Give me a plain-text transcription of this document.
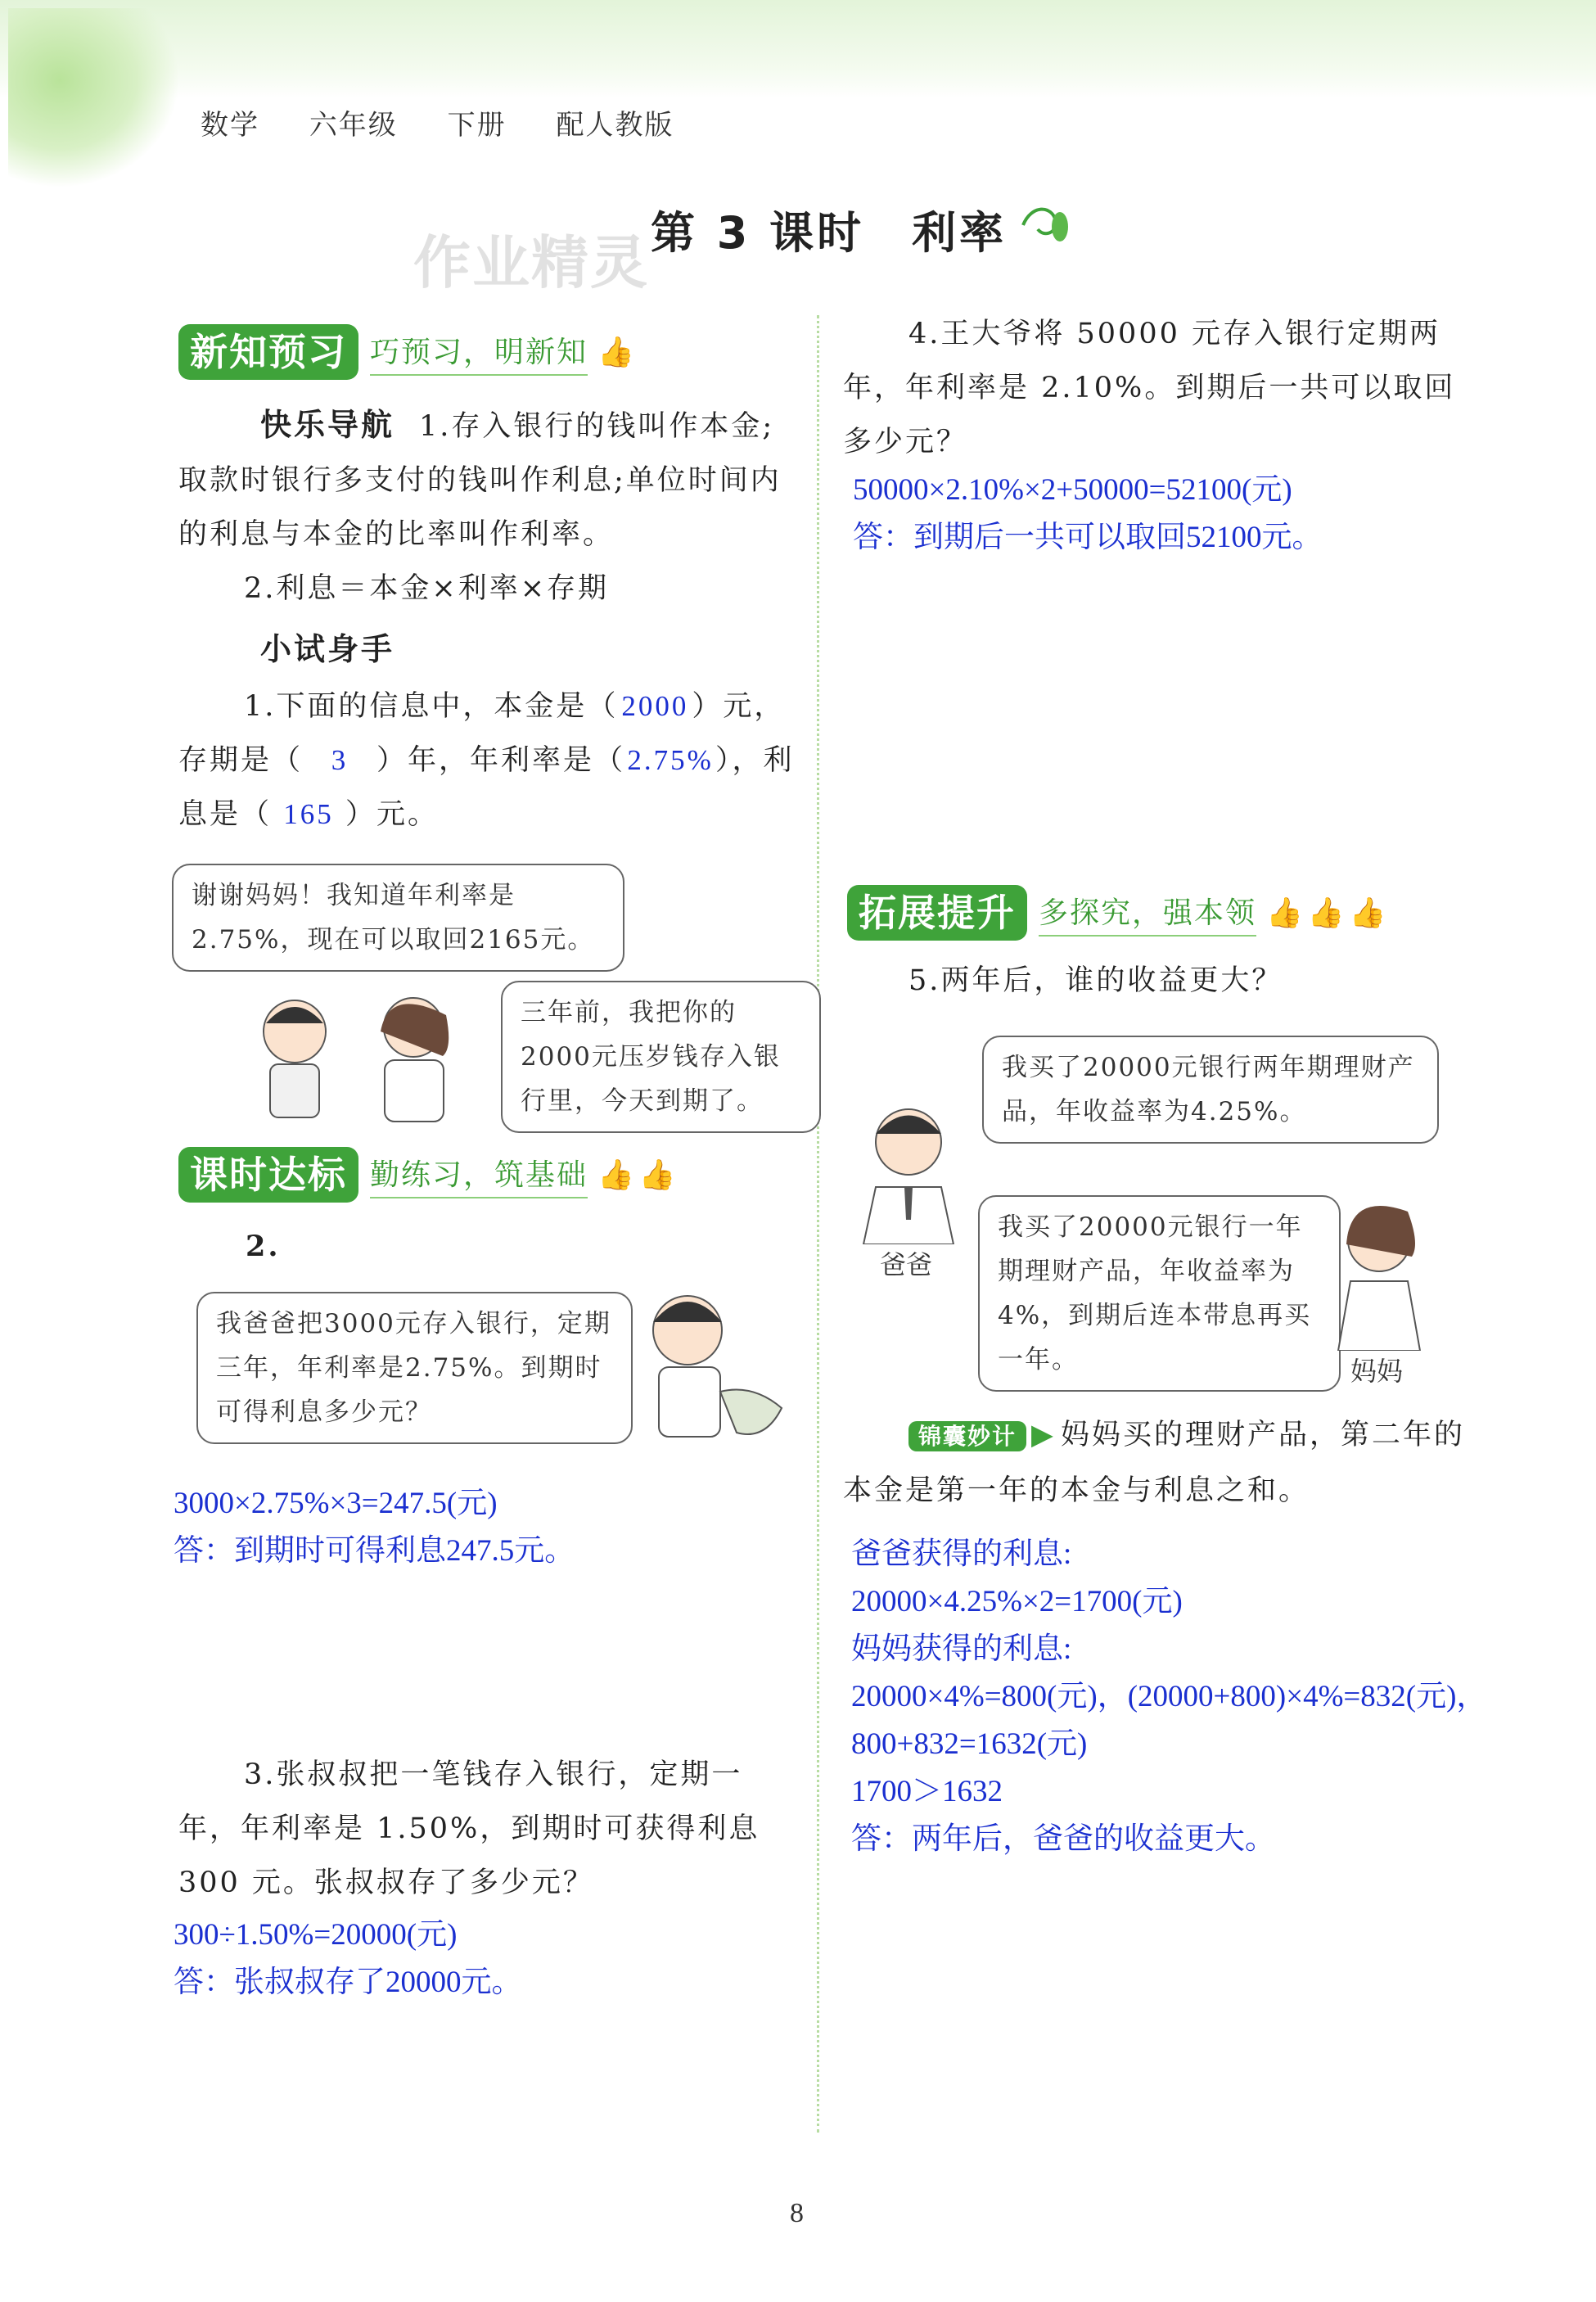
数学 六年级 下册 配人教版
作业精灵 第 3 课时　利率
新知预习 巧预习，明新知 👍
快乐导航 1.存入银行的钱叫作本金;取款时银行多支付的钱叫作利息;单位时间内的利息与本金的比率叫作利率。
2.利息＝本金×利率×存期
小试身手
1.下面的信息中，本金是（ 2000 ）元，存期是（ 3 ）年，年利率是（2.75%），利息是（ 165 ）元。
谢谢妈妈！我知道年利率是2.75%，现在可以取回2165元。
三年前，我把你的2000元压岁钱存入银行里，今天到期了。
课时达标 勤练习，筑基础 👍👍
2.
我爸爸把3000元存入银行，定期三年，年利率是2.75%。到期时可得利息多少元？
3000×2.75%×3=247.5(元)
答：到期时可得利息247.5元。
3.张叔叔把一笔钱存入银行，定期一年，年利率是 1.50%，到期时可获得利息 300 元。张叔叔存了多少元？
300÷1.50%=20000(元)
答：张叔叔存了20000元。
4.王大爷将 50000 元存入银行定期两年，年利率是 2.10%。到期后一共可以取回多少元？
50000×2.10%×2+50000=52100(元)
答：到期后一共可以取回52100元。
拓展提升 多探究，强本领 👍👍👍
5.两年后，谁的收益更大？
我买了20000元银行两年期理财产品，年收益率为4.25%。
爸爸
我买了20000元银行一年期理财产品，年收益率为4%，到期后连本带息再买一年。	妈妈
锦囊妙计 ▶ 妈妈买的理财产品，第二年的本金是第一年的本金与利息之和。
爸爸获得的利息:
20000×4.25%×2=1700(元)
妈妈获得的利息:
20000×4%=800(元)，(20000+800)×4%=832(元)，
800+832=1632(元)
1700＞1632
答：两年后，爸爸的收益更大。
8
